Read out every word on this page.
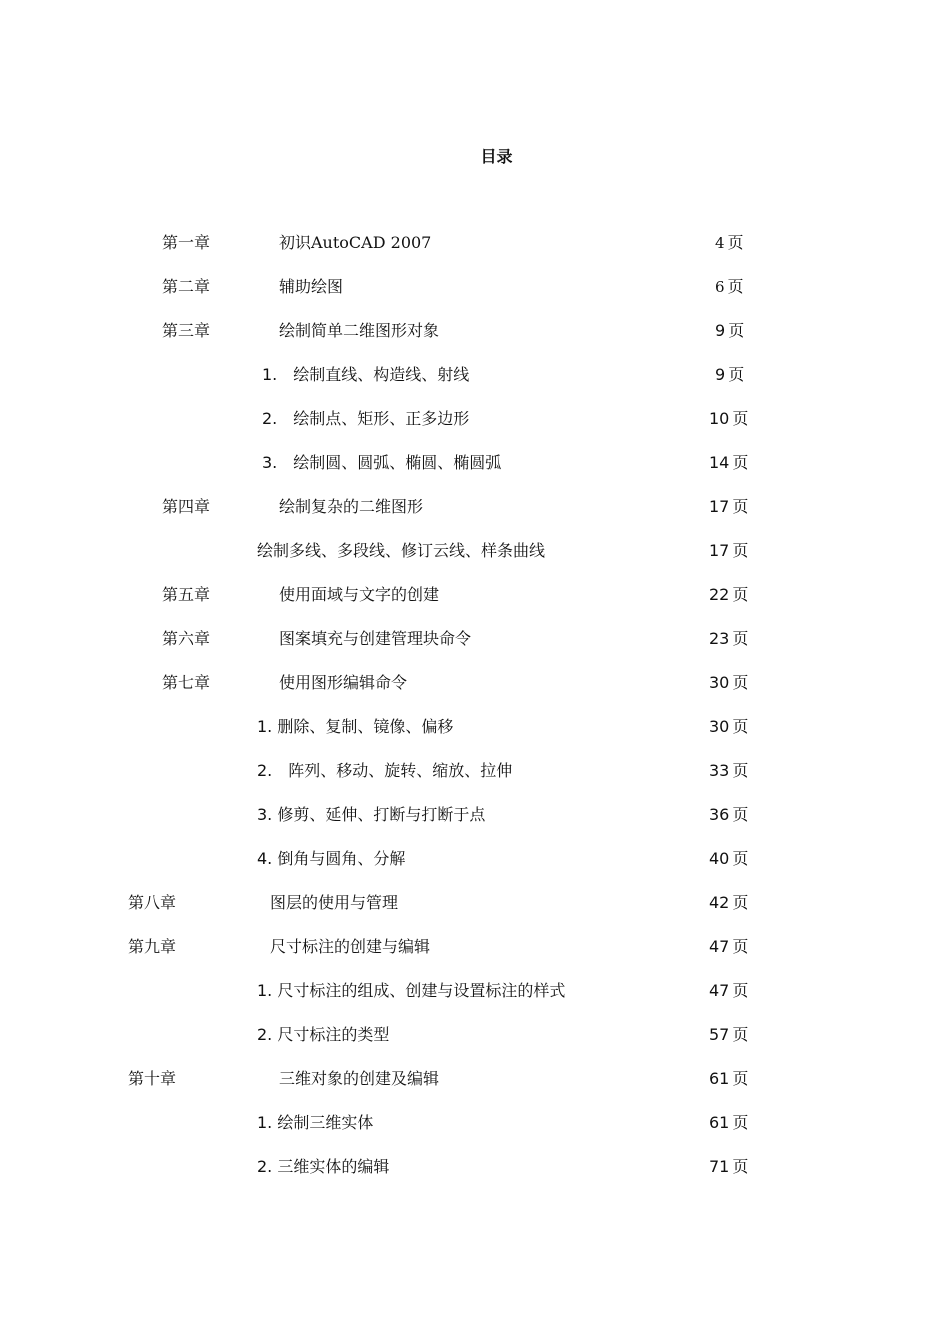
目录
第一章	初识AutoCAD 2007	4 页
第二章	辅助绘图	6 页
第三章	绘制简单二维图形对象	9 页
1.　绘制直线、构造线、射线	9 页
2.　绘制点、矩形、正多边形	10 页
3.　绘制圆、圆弧、椭圆、椭圆弧	14 页
第四章	绘制复杂的二维图形	17 页
绘制多线、多段线、修订云线、样条曲线	17 页
第五章	使用面域与文字的创建	22 页
第六章	图案填充与创建管理块命令	23 页
第七章	使用图形编辑命令	30 页
1. 删除、复制、镜像、偏移	30 页
2.　阵列、移动、旋转、缩放、拉伸	33 页
3. 修剪、延伸、打断与打断于点	36 页
4. 倒角与圆角、分解	40 页
第八章	图层的使用与管理	42 页
第九章	尺寸标注的创建与编辑	47 页
1. 尺寸标注的组成、创建与设置标注的样式	47 页
2. 尺寸标注的类型	57 页
第十章	三维对象的创建及编辑	61 页
1. 绘制三维实体	61 页
2. 三维实体的编辑	71 页
